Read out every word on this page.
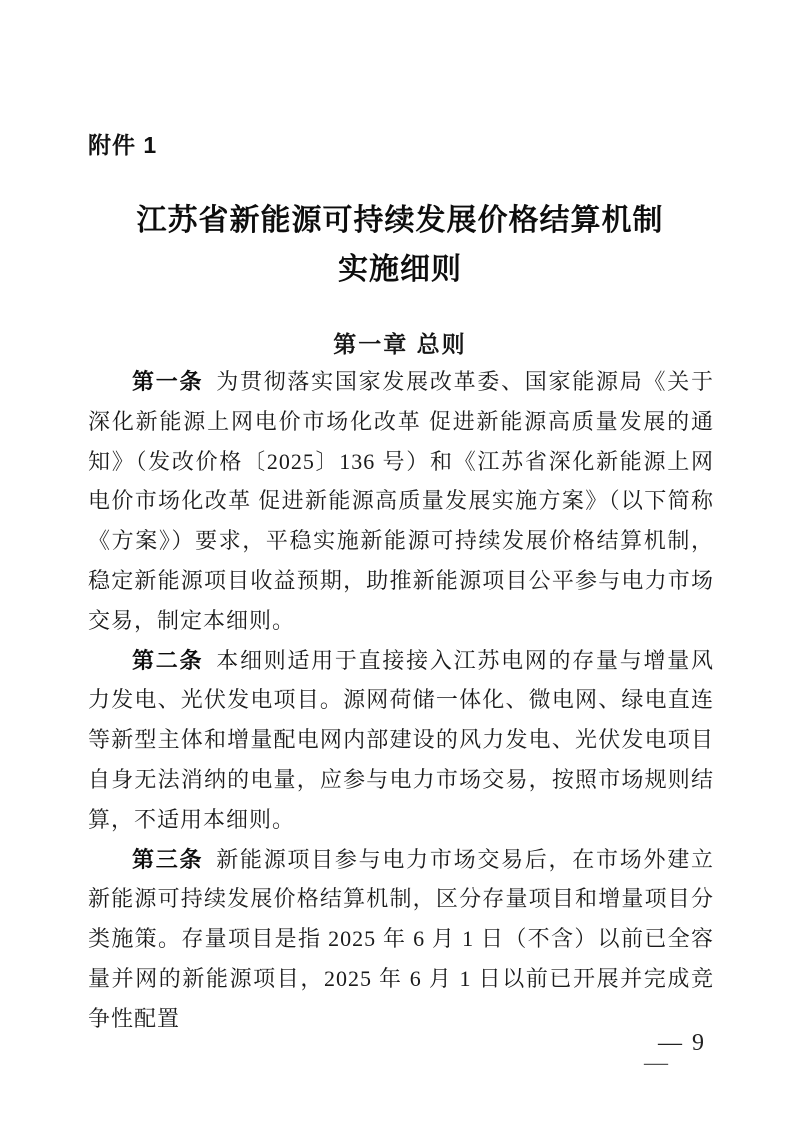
附件 1
江苏省新能源可持续发展价格结算机制
实施细则
第一章 总则

第一条 为贯彻落实国家发展改革委、国家能源局《关于深化新能源上网电价市场化改革 促进新能源高质量发展的通知》（发改价格〔2025〕136 号）和《江苏省深化新能源上网电价市场化改革 促进新能源高质量发展实施方案》（以下简称《方案》）要求，平稳实施新能源可持续发展价格结算机制，稳定新能源项目收益预期，助推新能源项目公平参与电力市场交易，制定本细则。

第二条 本细则适用于直接接入江苏电网的存量与增量风力发电、光伏发电项目。源网荷储一体化、微电网、绿电直连等新型主体和增量配电网内部建设的风力发电、光伏发电项目自身无法消纳的电量，应参与电力市场交易，按照市场规则结算，不适用本细则。

第三条 新能源项目参与电力市场交易后，在市场外建立新能源可持续发展价格结算机制，区分存量项目和增量项目分类施策。存量项目是指 2025 年 6 月 1 日（不含）以前已全容量并网的新能源项目，2025 年 6 月 1 日以前已开展并完成竞争性配置

— 9
—
